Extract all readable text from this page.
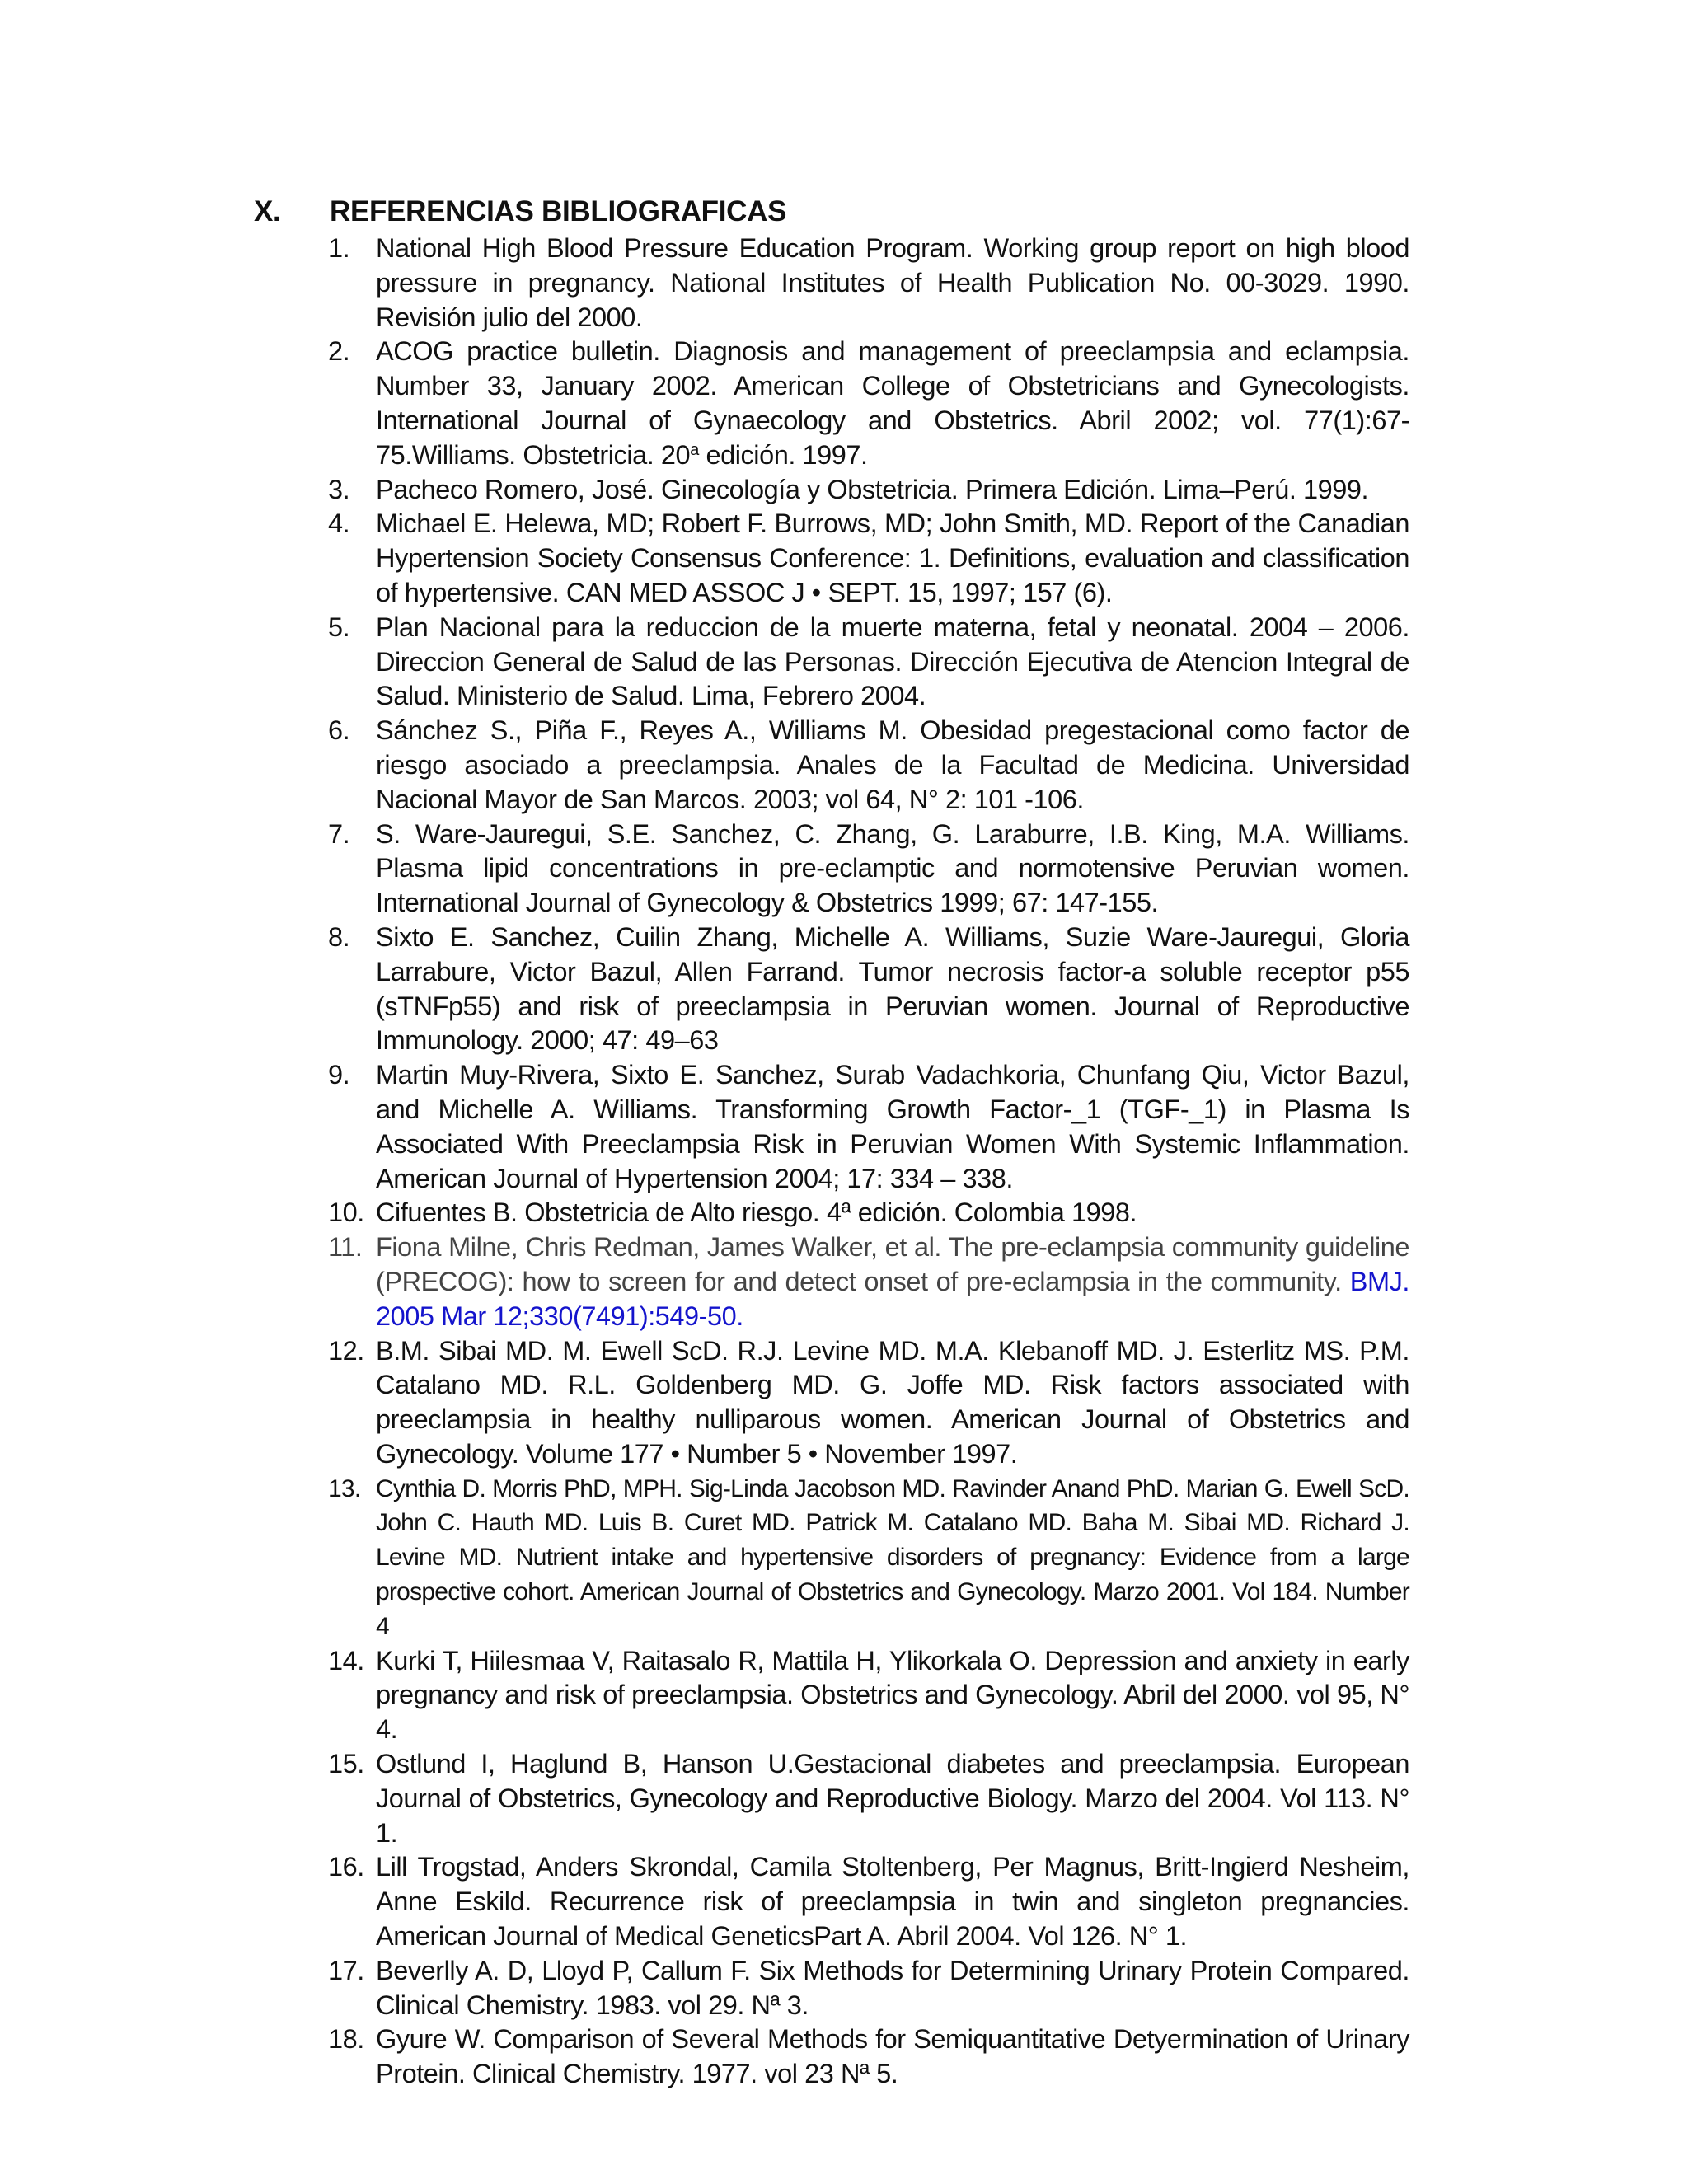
X. REFERENCIAS BIBLIOGRAFICAS
1. National High Blood Pressure Education Program. Working group report on high blood pressure in pregnancy. National Institutes of Health Publication No. 00-3029. 1990. Revisión julio del 2000.
2. ACOG practice bulletin. Diagnosis and management of preeclampsia and eclampsia. Number 33, January 2002. American College of Obstetricians and Gynecologists. International Journal of Gynaecology and Obstetrics. Abril 2002; vol. 77(1):67-75.Williams. Obstetricia. 20$^a$ edición. 1997.
3. Pacheco Romero, José. Ginecología y Obstetricia. Primera Edición. Lima–Perú. 1999.
4. Michael E. Helewa, MD; Robert F. Burrows, MD; John Smith, MD. Report of the Canadian Hypertension Society Consensus Conference: 1. Definitions, evaluation and classification of hypertensive. CAN MED ASSOC J • SEPT. 15, 1997; 157 (6).
5. Plan Nacional para la reduccion de la muerte materna, fetal y neonatal. 2004 – 2006. Direccion General de Salud de las Personas. Dirección Ejecutiva de Atencion Integral de Salud. Ministerio de Salud. Lima, Febrero 2004.
6. Sánchez S., Piña F., Reyes A., Williams M. Obesidad pregestacional como factor de riesgo asociado a preeclampsia. Anales de la Facultad de Medicina. Universidad Nacional Mayor de San Marcos. 2003; vol 64, N° 2: 101 -106.
7. S. Ware-Jauregui, S.E. Sanchez, C. Zhang, G. Laraburre, I.B. King, M.A. Williams. Plasma lipid concentrations in pre-eclamptic and normotensive Peruvian women. International Journal of Gynecology & Obstetrics 1999; 67: 147-155.
8. Sixto E. Sanchez, Cuilin Zhang, Michelle A. Williams, Suzie Ware-Jauregui, Gloria Larrabure, Victor Bazul, Allen Farrand. Tumor necrosis factor-a soluble receptor p55 (sTNFp55) and risk of preeclampsia in Peruvian women. Journal of Reproductive Immunology. 2000; 47: 49–63
9. Martin Muy-Rivera, Sixto E. Sanchez, Surab Vadachkoria, Chunfang Qiu, Victor Bazul, and Michelle A. Williams. Transforming Growth Factor-_1 (TGF-_1) in Plasma Is Associated With Preeclampsia Risk in Peruvian Women With Systemic Inflammation. American Journal of Hypertension 2004; 17: 334 – 338.
10. Cifuentes B. Obstetricia de Alto riesgo. 4ª edición. Colombia 1998.
11. Fiona Milne, Chris Redman, James Walker, et al. The pre-eclampsia community guideline (PRECOG): how to screen for and detect onset of pre-eclampsia in the community. BMJ. 2005 Mar 12;330(7491):549-50.
12. B.M. Sibai MD. M. Ewell ScD. R.J. Levine MD. M.A. Klebanoff MD. J. Esterlitz MS. P.M. Catalano MD. R.L. Goldenberg MD. G. Joffe MD. Risk factors associated with preeclampsia in healthy nulliparous women. American Journal of Obstetrics and Gynecology. Volume 177 • Number 5 • November 1997.
13. Cynthia D. Morris PhD, MPH. Sig-Linda Jacobson MD. Ravinder Anand PhD. Marian G. Ewell ScD. John C. Hauth MD. Luis B. Curet MD. Patrick M. Catalano MD. Baha M. Sibai MD. Richard J. Levine MD. Nutrient intake and hypertensive disorders of pregnancy: Evidence from a large prospective cohort. American Journal of Obstetrics and Gynecology. Marzo 2001. Vol 184. Number 4
14. Kurki T, Hiilesmaa V, Raitasalo R, Mattila H, Ylikorkala O. Depression and anxiety in early pregnancy and risk of preeclampsia. Obstetrics and Gynecology. Abril del 2000. vol 95, N° 4.
15. Ostlund I, Haglund B, Hanson U.Gestacional diabetes and preeclampsia. European Journal of Obstetrics, Gynecology and Reproductive Biology. Marzo del 2004. Vol 113. N° 1.
16. Lill Trogstad, Anders Skrondal, Camila Stoltenberg, Per Magnus, Britt-Ingierd Nesheim, Anne Eskild. Recurrence risk of preeclampsia in twin and singleton pregnancies. American Journal of Medical GeneticsPart A. Abril 2004. Vol 126. N° 1.
17. Beverlly A. D, Lloyd P, Callum F. Six Methods for Determining Urinary Protein Compared. Clinical Chemistry. 1983. vol 29. Nª 3.
18. Gyure W. Comparison of Several Methods for Semiquantitative Detyermination of Urinary Protein. Clinical Chemistry. 1977. vol 23 Nª 5.
